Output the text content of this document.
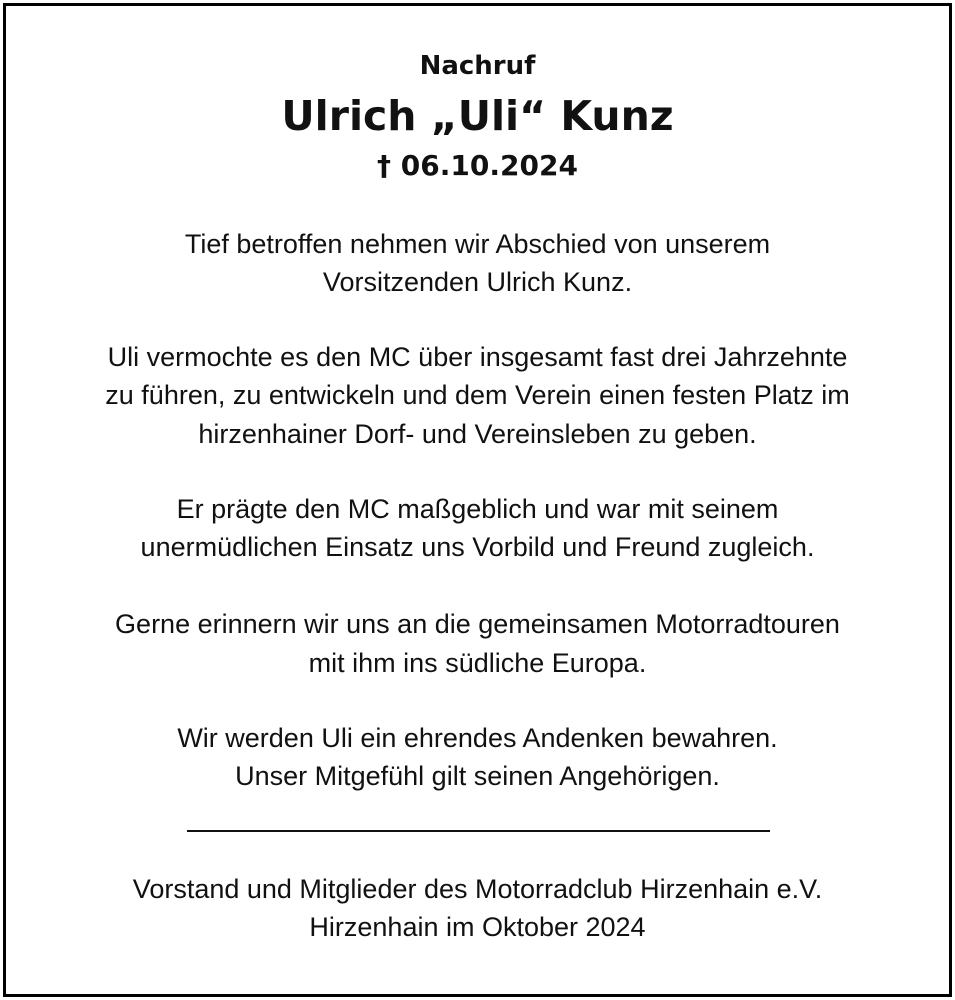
Nachruf
Ulrich „Uli“ Kunz
† 06.10.2024
Tief betroffen nehmen wir Abschied von unserem
Vorsitzenden Ulrich Kunz.
Uli vermochte es den MC über insgesamt fast drei Jahrzehnte
zu führen, zu entwickeln und dem Verein einen festen Platz im
hirzenhainer Dorf- und Vereinsleben zu geben.
Er prägte den MC maßgeblich und war mit seinem
unermüdlichen Einsatz uns Vorbild und Freund zugleich.
Gerne erinnern wir uns an die gemeinsamen Motorradtouren
mit ihm ins südliche Europa.
Wir werden Uli ein ehrendes Andenken bewahren.
Unser Mitgefühl gilt seinen Angehörigen.
Vorstand und Mitglieder des Motorradclub Hirzenhain e.V.
Hirzenhain im Oktober 2024
